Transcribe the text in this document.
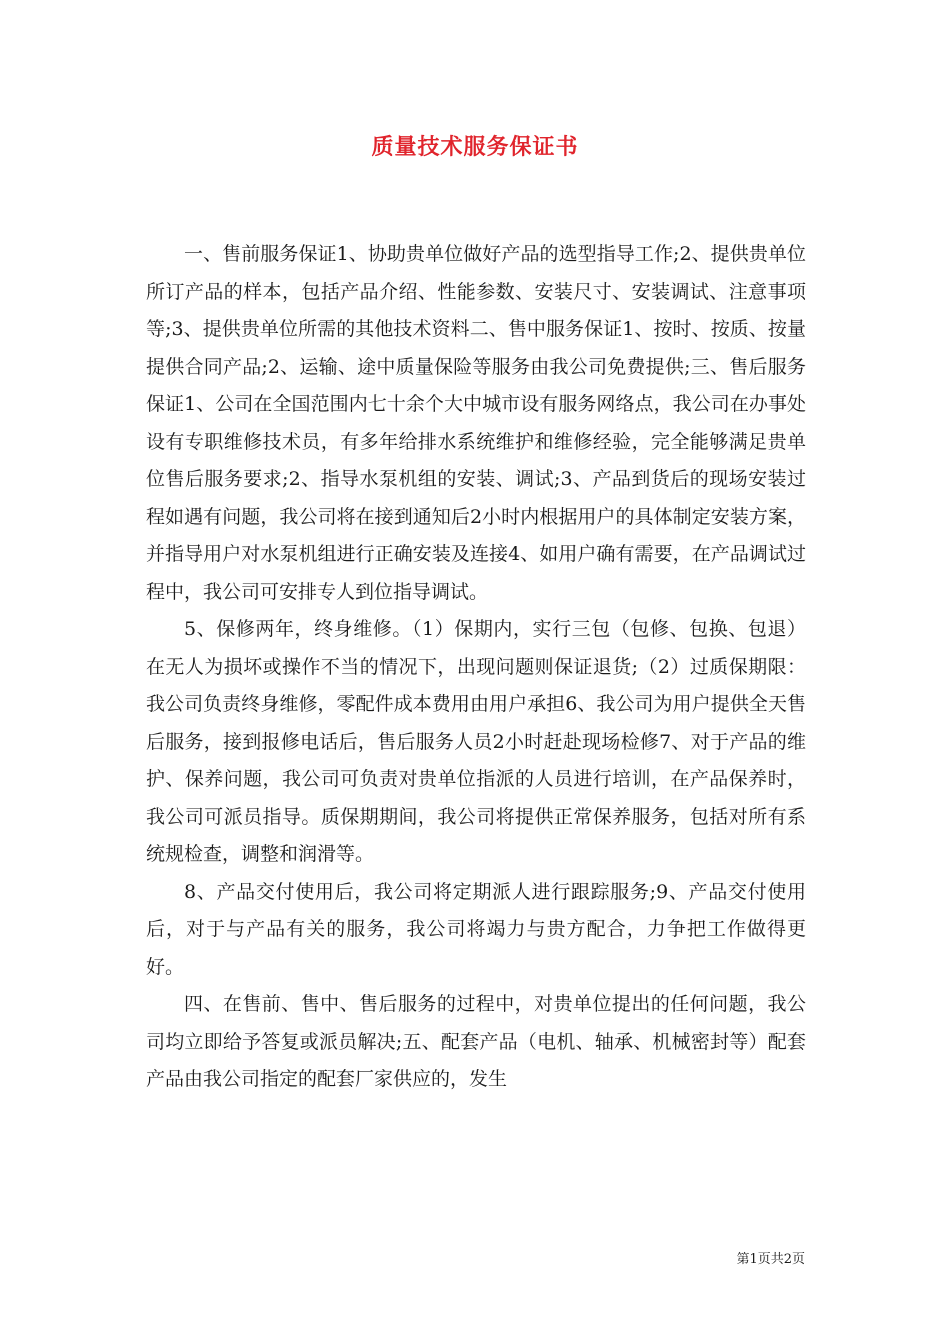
质量技术服务保证书

一、售前服务保证1、协助贵单位做好产品的选型指导工作;2、提供贵单位所订产品的样本，包括产品介绍、性能参数、安装尺寸、安装调试、注意事项等;3、提供贵单位所需的其他技术资料二、售中服务保证1、按时、按质、按量提供合同产品;2、运输、途中质量保险等服务由我公司免费提供;三、售后服务保证1、公司在全国范围内七十余个大中城市设有服务网络点，我公司在办事处设有专职维修技术员，有多年给排水系统维护和维修经验，完全能够满足贵单位售后服务要求;2、指导水泵机组的安装、调试;3、产品到货后的现场安装过程如遇有问题，我公司将在接到通知后2小时内根据用户的具体制定安装方案，并指导用户对水泵机组进行正确安装及连接4、如用户确有需要，在产品调试过程中，我公司可安排专人到位指导调试。

5、保修两年，终身维修。（1）保期内，实行三包（包修、包换、包退）在无人为损坏或操作不当的情况下，出现问题则保证退货;（2）过质保期限：我公司负责终身维修，零配件成本费用由用户承担6、我公司为用户提供全天售后服务，接到报修电话后，售后服务人员2小时赶赴现场检修7、对于产品的维护、保养问题，我公司可负责对贵单位指派的人员进行培训，在产品保养时，我公司可派员指导。质保期期间，我公司将提供正常保养服务，包括对所有系统规检查，调整和润滑等。

8、产品交付使用后，我公司将定期派人进行跟踪服务;9、产品交付使用后，对于与产品有关的服务，我公司将竭力与贵方配合，力争把工作做得更好。

四、在售前、售中、售后服务的过程中，对贵单位提出的任何问题，我公司均立即给予答复或派员解决;五、配套产品（电机、轴承、机械密封等）配套产品由我公司指定的配套厂家供应的，发生

第1页共2页
